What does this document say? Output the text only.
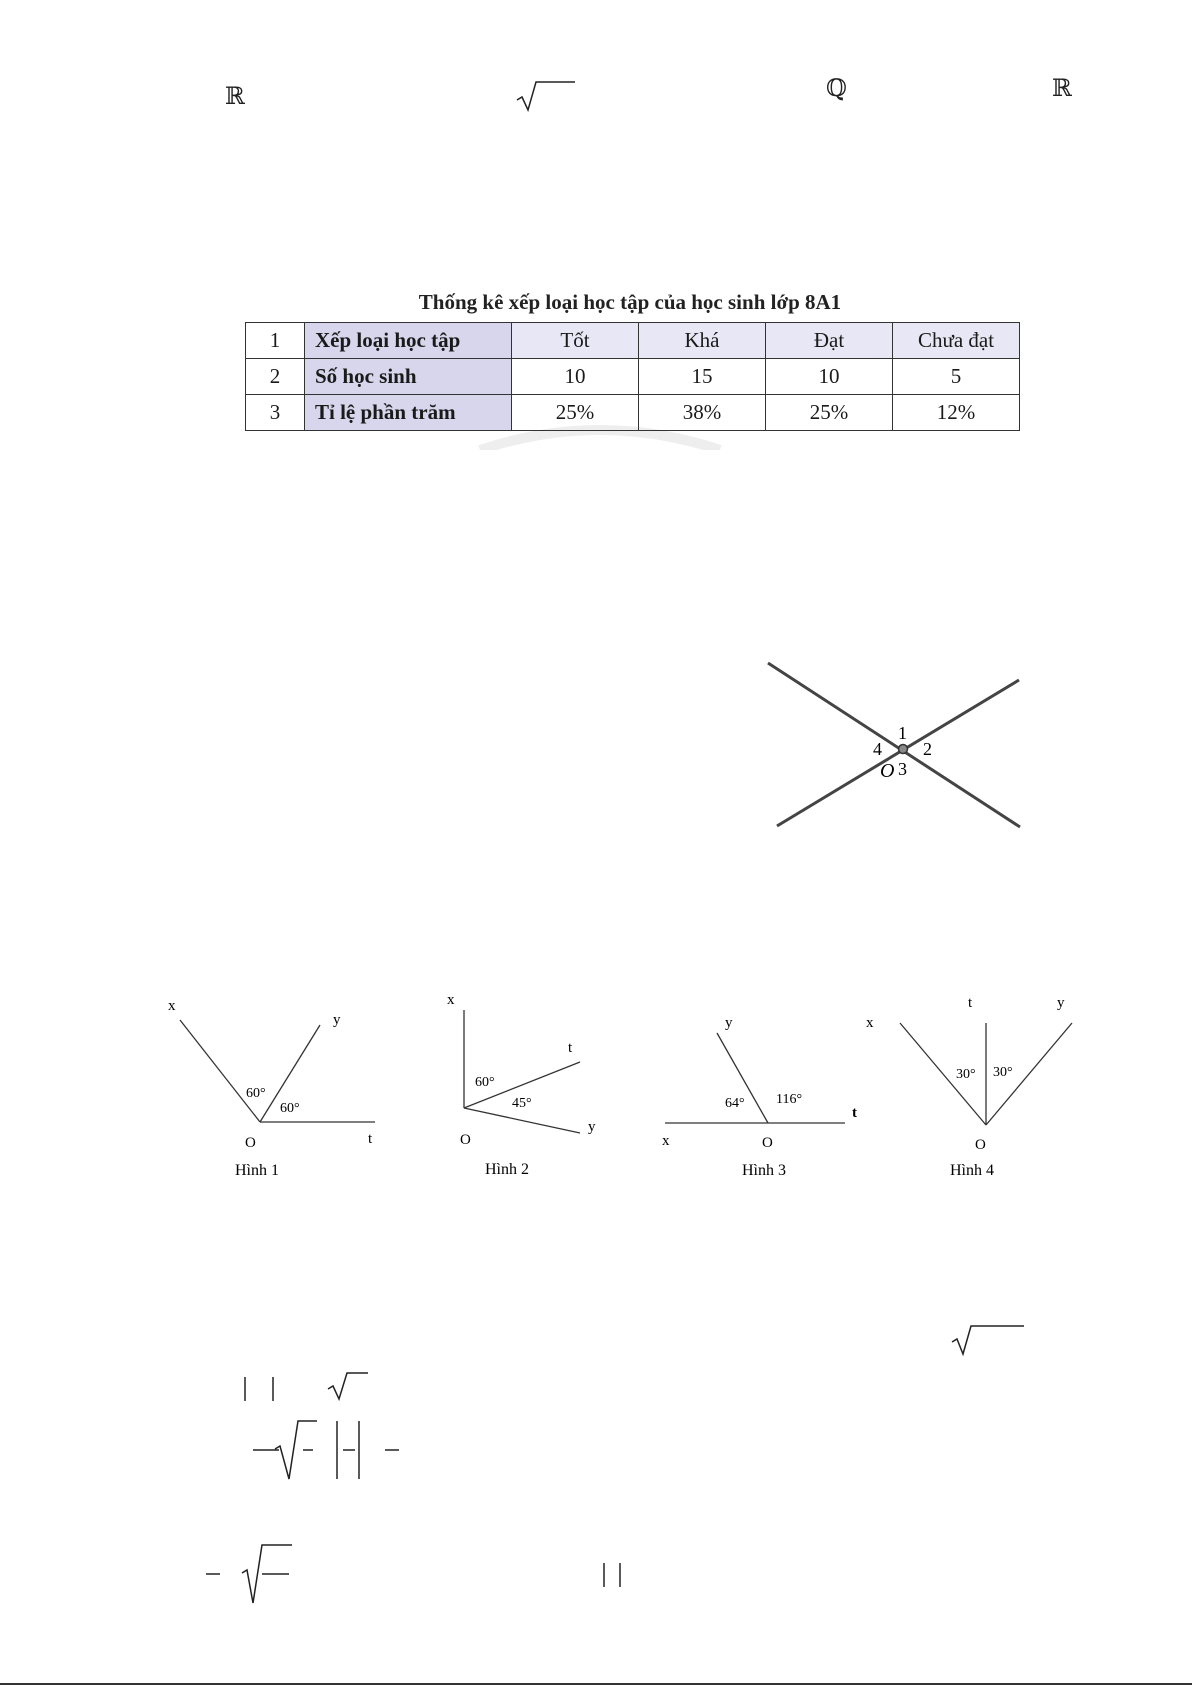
ℝ	ℚ	ℝ
Thống kê xếp loại học tập của học sinh lớp 8A1
1	Xếp loại học tập	Tốt	Khá	Đạt	Chưa đạt
2	Số học sinh	10	15	10	5
3	Tỉ lệ phần trăm	25%	38%	25%	12%
1
2
3
4
O
x
y
t
O
60°
60°
Hình 1
x
t
y
O
60°
45°
Hình 2
y
x
t
O
64° 116°
Hình 3
x
t	y
O
30° 30°
Hình 4
